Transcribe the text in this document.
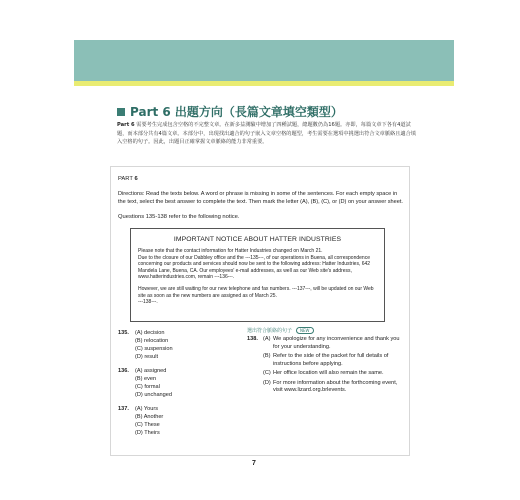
Part 6 出題方向（長篇文章填空類型）
Part 6 需要考生完成包含空格的不完整文章。在新多益測驗中增加了四種試題，總題數仍為16題。亦即，每篇文章下各有4道試題，而本部分共有4篇文章。本部分中，出現找出適合的句子嵌入文章空格的題型，考生需要在選項中挑選出符合文章脈絡且適合填入空格的句子。因此，出題目正確掌握文章脈絡的能力非常重要。
PART 6
Directions: Read the texts below. A word or phrase is missing in some of the sentences. For each empty space in the text, select the best answer to complete the text. Then mark the letter (A), (B), (C), or (D) on your answer sheet.
Questions 135-138 refer to the following notice.
IMPORTANT NOTICE ABOUT HATTER INDUSTRIES

Please note that the contact information for Hatter Industries changed on March 21.
Due to the closure of our Dabbley office and the ---135---, of our operations in Buena, all correspondence concerning our products and services should now be sent to the following address: Hatter Industries, 642 Mandela Lane, Buena, CA. Our employees' e-mail addresses, as well as our Web site's address, www.hatterindustries.com, remain ---136---.

However, we are still waiting for our new telephone and fax numbers. ---137---, will be updated on our Web site as soon as the new numbers are assigned as of March 25.
---138---.

135. (A) decision
(B) relocation
(C) suspension
(D) result
136. (A) assigned
(B) even
(C) formal
(D) unchanged
137. (A) Yours
(B) Another
(C) These
(D) Theirs
選出符合脈絡的句子	NEW
138. (A) We apologize for any inconvenience and thank you for your understanding.
(B) Refer to the side of the packet for full details of instructions before applying.
(C) Her office location will also remain the same.
(D) For more information about the forthcoming event, visit www.lizard.org.brlevents.
7
